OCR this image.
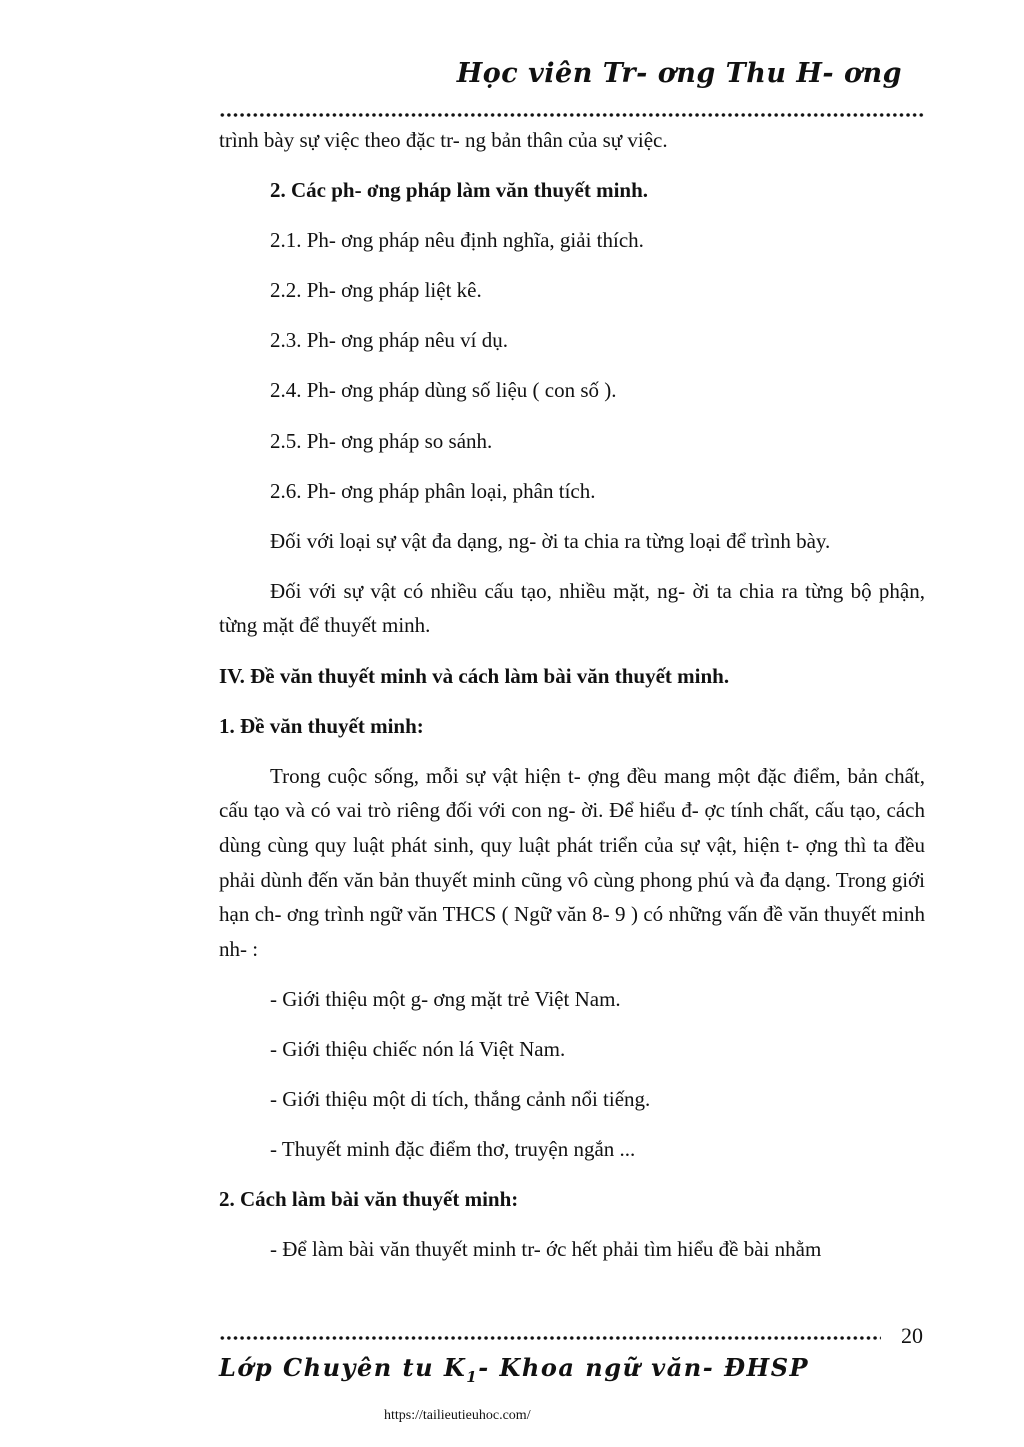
Học viên Tr- ơng Thu H- ơng

trình bày sự việc theo đặc tr- ng bản thân của sự việc.

2. Các ph- ơng pháp làm văn thuyết minh.

2.1. Ph- ơng pháp nêu định nghĩa, giải thích.

2.2. Ph- ơng pháp liệt kê.

2.3. Ph- ơng pháp nêu ví dụ.

2.4. Ph- ơng pháp dùng số liệu ( con số ).

2.5. Ph- ơng pháp so sánh.

2.6. Ph- ơng pháp phân loại, phân tích.

Đối với loại sự vật đa dạng, ng- ời ta chia ra từng loại để trình bày.

Đối với sự vật có nhiều cấu tạo, nhiều mặt, ng- ời ta chia ra từng bộ phận, từng mặt để thuyết minh.

IV. Đề văn thuyết minh và cách làm bài văn thuyết minh.

1. Đề văn thuyết minh:

Trong cuộc sống, mỗi sự vật hiện t- ợng đều mang một đặc điểm, bản chất, cấu tạo và có vai trò riêng đối với con ng- ời. Để hiểu đ- ợc tính chất, cấu tạo, cách dùng cùng quy luật phát sinh, quy luật phát triển của sự vật, hiện t- ợng thì ta đều phải dùnh đến văn bản thuyết minh cũng vô cùng phong phú và đa dạng. Trong giới hạn ch- ơng trình ngữ văn THCS ( Ngữ văn 8- 9 ) có những vấn đề văn thuyết minh nh- :

- Giới thiệu một g- ơng mặt trẻ Việt Nam.

- Giới thiệu chiếc nón lá Việt Nam.

- Giới thiệu một di tích, thắng cảnh nổi tiếng.

- Thuyết minh đặc điểm thơ, truyện ngắn ...

2. Cách làm bài văn thuyết minh:

- Để làm bài văn thuyết minh tr- ớc hết phải tìm hiểu đề bài nhằm

20
Lớp Chuyên tu $K_1-$ Khoa ngữ văn- ĐHSP
https://tailieutieuhoc.com/
